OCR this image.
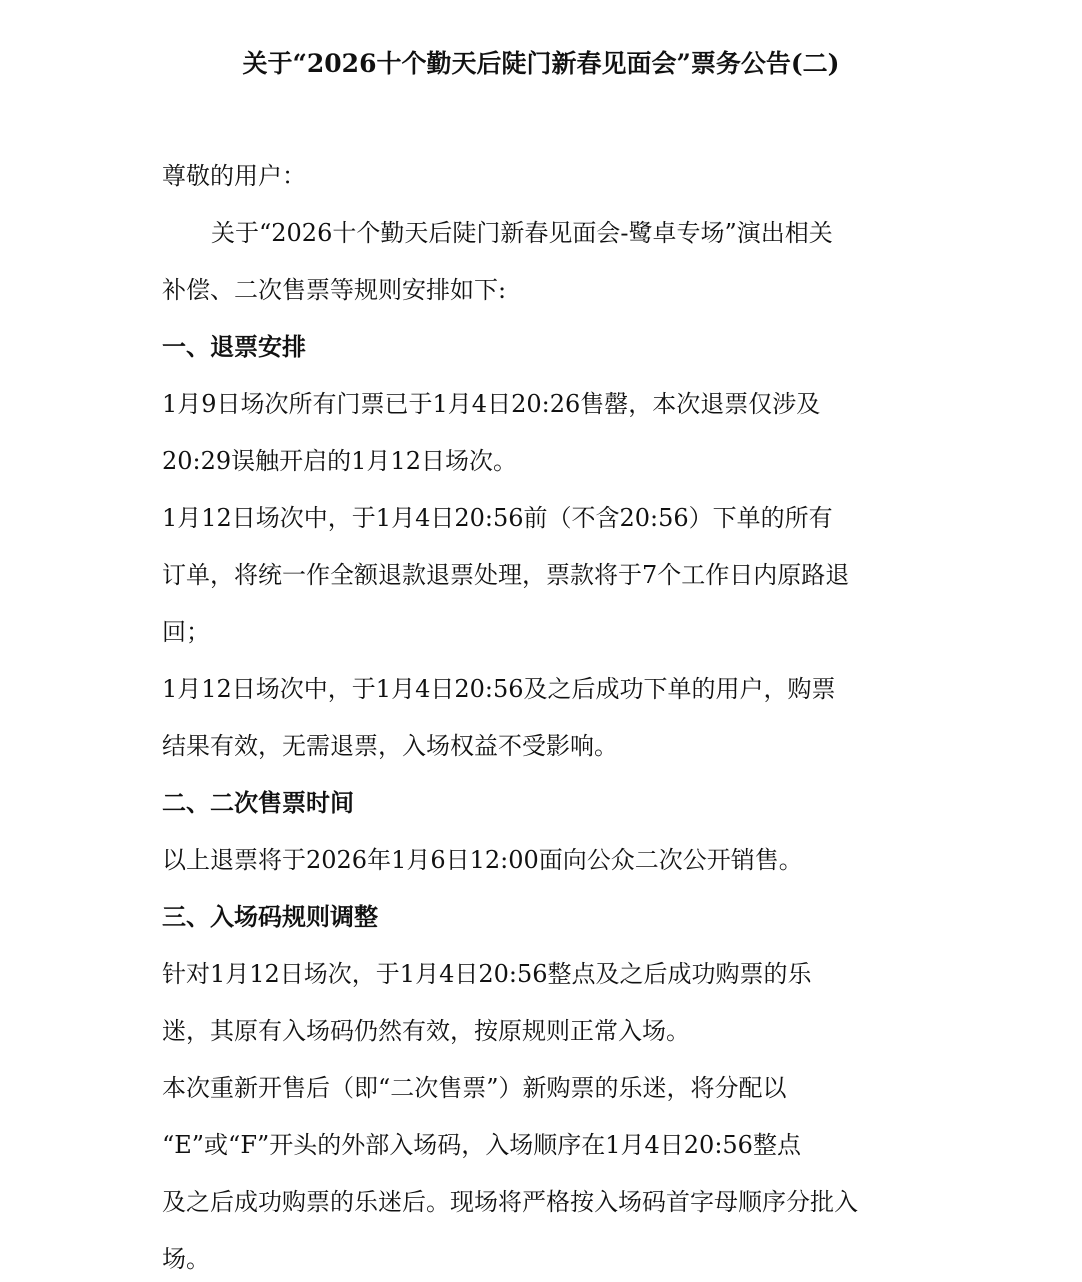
关于“2026十个勤天后陡门新春见面会”票务公告(二)
尊敬的用户：
关于“2026十个勤天后陡门新春见面会-鹭卓专场”演出相关
补偿、二次售票等规则安排如下:
一、退票安排
1月9日场次所有门票已于1月4日20:26售罄，本次退票仅涉及
20:29误触开启的1月12日场次。
1月12日场次中，于1月4日20:56前（不含20:56）下单的所有
订单，将统一作全额退款退票处理，票款将于7个工作日内原路退
回；
1月12日场次中，于1月4日20:56及之后成功下单的用户，购票
结果有效，无需退票，入场权益不受影响。
二、二次售票时间
以上退票将于2026年1月6日12:00面向公众二次公开销售。
三、入场码规则调整
针对1月12日场次，于1月4日20:56整点及之后成功购票的乐
迷，其原有入场码仍然有效，按原规则正常入场。
本次重新开售后（即“二次售票”）新购票的乐迷，将分配以
“E”或“F”开头的外部入场码，入场顺序在1月4日20:56整点
及之后成功购票的乐迷后。现场将严格按入场码首字母顺序分批入
场。
